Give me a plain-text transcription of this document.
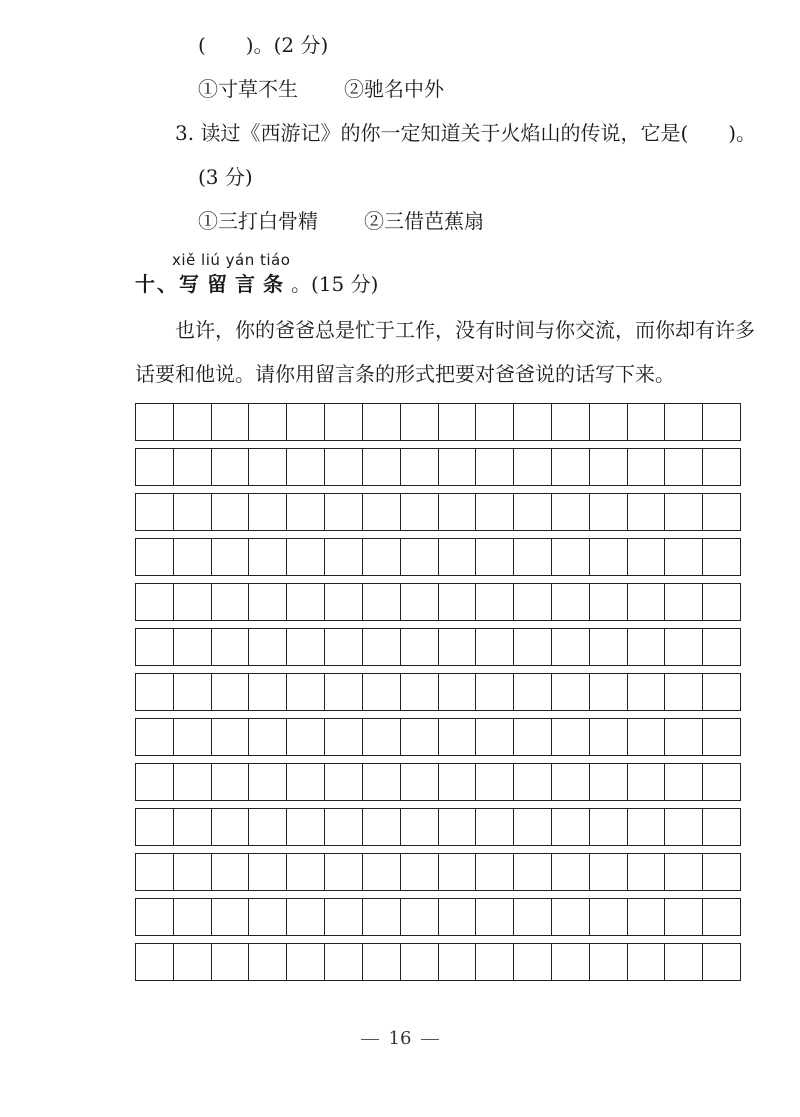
(　　)。(2 分)
①寸草不生 ②驰名中外
3. 读过《西游记》的你一定知道关于火焰山的传说，它是(　　)。
(3 分)
①三打白骨精 ②三借芭蕉扇
xiě liú yán tiáo
十、写留言条。(15 分)
也许，你的爸爸总是忙于工作，没有时间与你交流，而你却有许多
话要和他说。请你用留言条的形式把要对爸爸说的话写下来。
16
